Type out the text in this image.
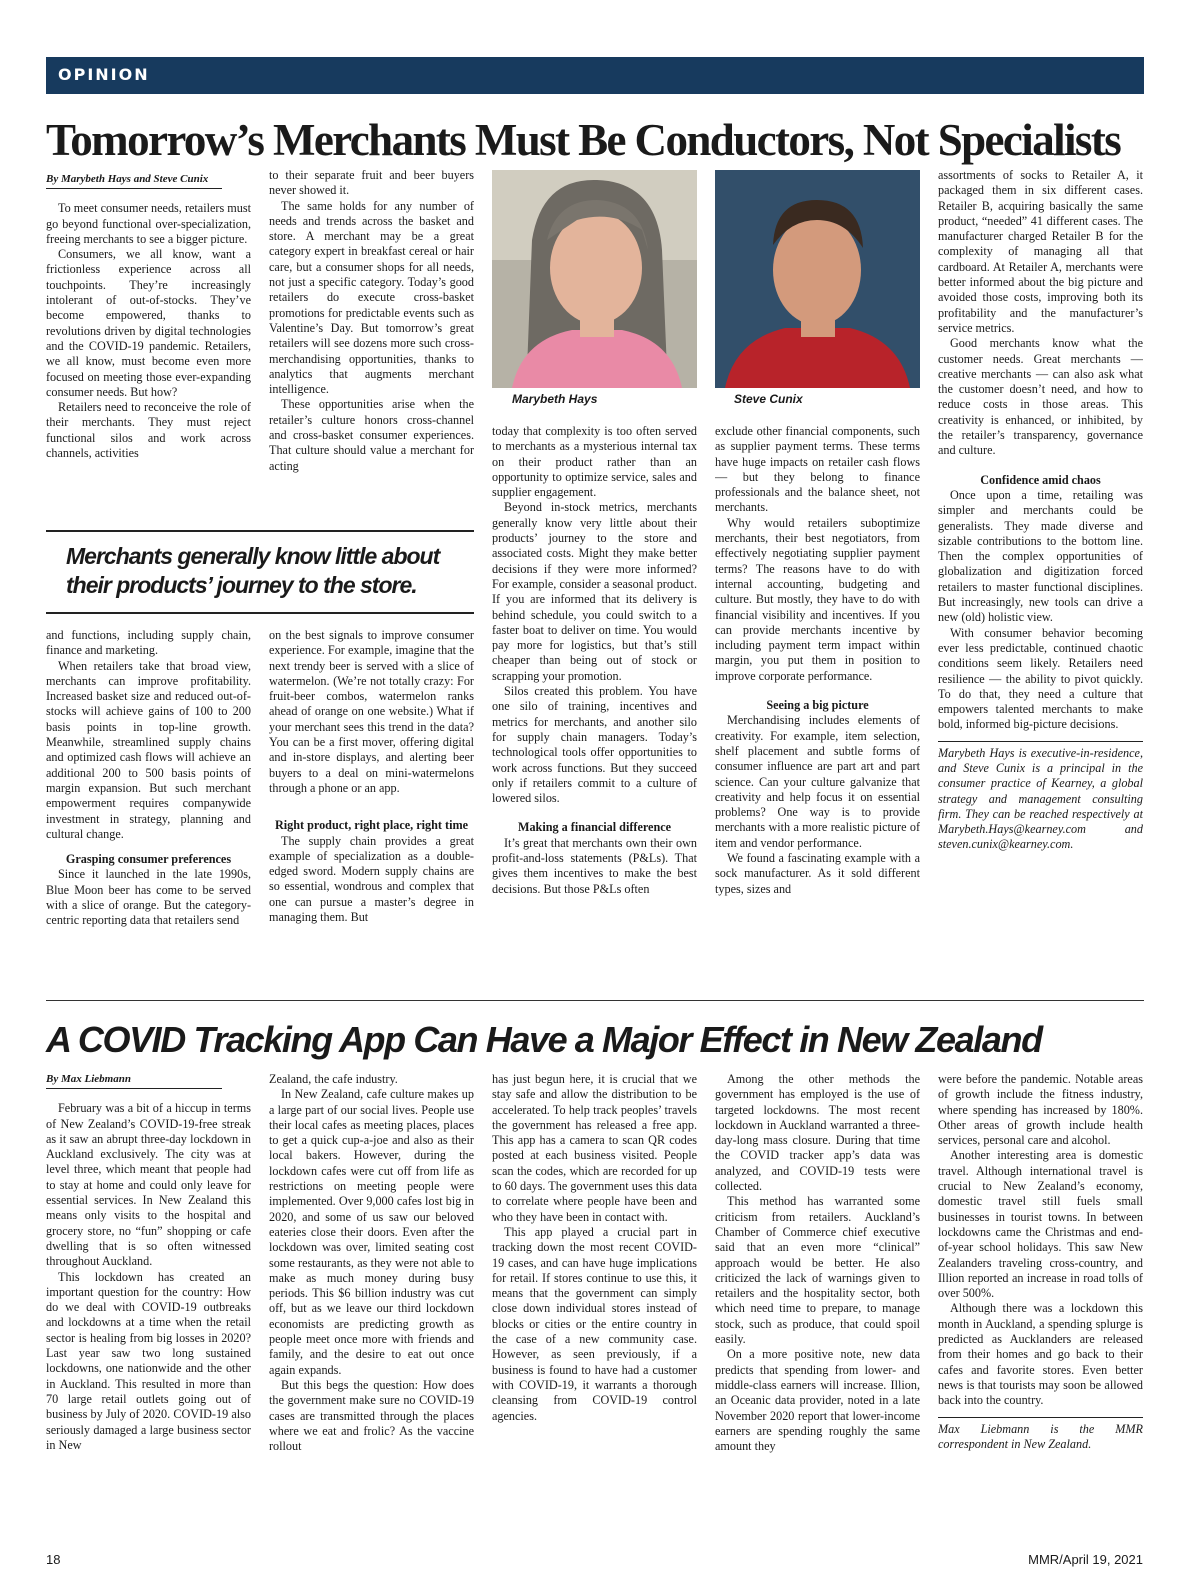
OPINION
Tomorrow’s Merchants Must Be Conductors, Not Specialists

By Marybeth Hays and Steve Cunix

To meet consumer needs, retailers must go beyond functional over-specialization, freeing merchants to see a bigger picture.

Consumers, we all know, want a frictionless experience across all touchpoints. They’re increasingly intolerant of out-of-stocks. They’ve become empowered, thanks to revolutions driven by digital technologies and the COVID-19 pandemic. Retailers, we all know, must become even more focused on meeting those ever-expanding consumer needs. But how?

Retailers need to reconceive the role of their merchants. They must reject functional silos and work across channels, activities

to their separate fruit and beer buyers never showed it.

The same holds for any number of needs and trends across the basket and store. A merchant may be a great category expert in breakfast cereal or hair care, but a consumer shops for all needs, not just a specific category. Today’s good retailers do execute cross-basket promotions for predictable events such as Valentine’s Day. But tomorrow’s great retailers will see dozens more such cross-merchandising opportunities, thanks to analytics that augments merchant intelligence.

These opportunities arise when the retailer’s culture honors cross-channel and cross-basket consumer experiences. That culture should value a merchant for acting

Merchants generally know little about their products’ journey to the store.

and functions, including supply chain, finance and marketing.

When retailers take that broad view, merchants can improve profitability. Increased basket size and reduced out-of-stocks will achieve gains of 100 to 200 basis points in top-line growth. Meanwhile, streamlined supply chains and optimized cash flows will achieve an additional 200 to 500 basis points of margin expansion. But such merchant empowerment requires companywide investment in strategy, planning and cultural change.

Grasping consumer preferences

Since it launched in the late 1990s, Blue Moon beer has come to be served with a slice of orange. But the category-centric reporting data that retailers send

on the best signals to improve consumer experience. For example, imagine that the next trendy beer is served with a slice of watermelon. (We’re not totally crazy: For fruit-beer combos, watermelon ranks ahead of orange on one website.) What if your merchant sees this trend in the data? You can be a first mover, offering digital and in-store displays, and alerting beer buyers to a deal on mini-watermelons through a phone or an app.

Right product, right place, right time

The supply chain provides a great example of specialization as a double-edged sword. Modern supply chains are so essential, wondrous and complex that one can pursue a master’s degree in managing them. But

Marybeth Hays	Steve Cunix

today that complexity is too often served to merchants as a mysterious internal tax on their product rather than an opportunity to optimize service, sales and supplier engagement.

Beyond in-stock metrics, merchants generally know very little about their products’ journey to the store and associated costs. Might they make better decisions if they were more informed? For example, consider a seasonal product. If you are informed that its delivery is behind schedule, you could switch to a faster boat to deliver on time. You would pay more for logistics, but that’s still cheaper than being out of stock or scrapping your promotion.

Silos created this problem. You have one silo of training, incentives and metrics for merchants, and another silo for supply chain managers. Today’s technological tools offer opportunities to work across functions. But they succeed only if retailers commit to a culture of lowered silos.

Making a financial difference

It’s great that merchants own their own profit-and-loss statements (P&Ls). That gives them incentives to make the best decisions. But those P&Ls often

exclude other financial components, such as supplier payment terms. These terms have huge impacts on retailer cash flows — but they belong to finance professionals and the balance sheet, not merchants.

Why would retailers suboptimize merchants, their best negotiators, from effectively negotiating supplier payment terms? The reasons have to do with internal accounting, budgeting and culture. But mostly, they have to do with financial visibility and incentives. If you can provide merchants incentive by including payment term impact within margin, you put them in position to improve corporate performance.

Seeing a big picture

Merchandising includes elements of creativity. For example, item selection, shelf placement and subtle forms of consumer influence are part art and part science. Can your culture galvanize that creativity and help focus it on essential problems? One way is to provide merchants with a more realistic picture of item and vendor performance.

We found a fascinating example with a sock manufacturer. As it sold different types, sizes and

assortments of socks to Retailer A, it packaged them in six different cases. Retailer B, acquiring basically the same product, “needed” 41 different cases. The manufacturer charged Retailer B for the complexity of managing all that cardboard. At Retailer A, merchants were better informed about the big picture and avoided those costs, improving both its profitability and the manufacturer’s service metrics.

Good merchants know what the customer needs. Great merchants — creative merchants — can also ask what the customer doesn’t need, and how to reduce costs in those areas. This creativity is enhanced, or inhibited, by the retailer’s transparency, governance and culture.

Confidence amid chaos

Once upon a time, retailing was simpler and merchants could be generalists. They made diverse and sizable contributions to the bottom line. Then the complex opportunities of globalization and digitization forced retailers to master functional disciplines. But increasingly, new tools can drive a new (old) holistic view.

With consumer behavior becoming ever less predictable, continued chaotic conditions seem likely. Retailers need resilience — the ability to pivot quickly. To do that, they need a culture that empowers talented merchants to make bold, informed big-picture decisions.

Marybeth Hays is executive-in-residence, and Steve Cunix is a principal in the consumer practice of Kearney, a global strategy and management consulting firm. They can be reached respectively at Marybeth.Hays@kearney.com and steven.cunix@kearney.com.

A COVID Tracking App Can Have a Major Effect in New Zealand

By Max Liebmann

February was a bit of a hiccup in terms of New Zealand’s COVID-19-free streak as it saw an abrupt three-day lockdown in Auckland exclusively. The city was at level three, which meant that people had to stay at home and could only leave for essential services. In New Zealand this means only visits to the hospital and grocery store, no “fun” shopping or cafe dwelling that is so often witnessed throughout Auckland.

This lockdown has created an important question for the country: How do we deal with COVID-19 outbreaks and lockdowns at a time when the retail sector is healing from big losses in 2020? Last year saw two long sustained lockdowns, one nationwide and the other in Auckland. This resulted in more than 70 large retail outlets going out of business by July of 2020. COVID-19 also seriously damaged a large business sector in New

Zealand, the cafe industry.

In New Zealand, cafe culture makes up a large part of our social lives. People use their local cafes as meeting places, places to get a quick cup-a-joe and also as their local bakers. However, during the lockdown cafes were cut off from life as restrictions on meeting people were implemented. Over 9,000 cafes lost big in 2020, and some of us saw our beloved eateries close their doors. Even after the lockdown was over, limited seating cost some restaurants, as they were not able to make as much money during busy periods. This $6 billion industry was cut off, but as we leave our third lockdown economists are predicting growth as people meet once more with friends and family, and the desire to eat out once again expands.

But this begs the question: How does the government make sure no COVID-19 cases are transmitted through the places where we eat and frolic? As the vaccine rollout

has just begun here, it is crucial that we stay safe and allow the distribution to be accelerated. To help track peoples’ travels the government has released a free app. This app has a camera to scan QR codes posted at each business visited. People scan the codes, which are recorded for up to 60 days. The government uses this data to correlate where people have been and who they have been in contact with.

This app played a crucial part in tracking down the most recent COVID-19 cases, and can have huge implications for retail. If stores continue to use this, it means that the government can simply close down individual stores instead of blocks or cities or the entire country in the case of a new community case. However, as seen previously, if a business is found to have had a customer with COVID-19, it warrants a thorough cleansing from COVID-19 control agencies.

Among the other methods the government has employed is the use of targeted lockdowns. The most recent lockdown in Auckland warranted a three-day-long mass closure. During that time the COVID tracker app’s data was analyzed, and COVID-19 tests were collected.

This method has warranted some criticism from retailers. Auckland’s Chamber of Commerce chief executive said that an even more “clinical” approach would be better. He also criticized the lack of warnings given to retailers and the hospitality sector, both which need time to prepare, to manage stock, such as produce, that could spoil easily.

On a more positive note, new data predicts that spending from lower- and middle-class earners will increase. Illion, an Oceanic data provider, noted in a late November 2020 report that lower-income earners are spending roughly the same amount they

were before the pandemic. Notable areas of growth include the fitness industry, where spending has increased by 180%. Other areas of growth include health services, personal care and alcohol.

Another interesting area is domestic travel. Although international travel is crucial to New Zealand’s economy, domestic travel still fuels small businesses in tourist towns. In between lockdowns came the Christmas and end-of-year school holidays. This saw New Zealanders traveling cross-country, and Illion reported an increase in road tolls of over 500%.

Although there was a lockdown this month in Auckland, a spending splurge is predicted as Aucklanders are released from their homes and go back to their cafes and favorite stores. Even better news is that tourists may soon be allowed back into the country.

Max Liebmann is the MMR correspondent in New Zealand.

18	MMR/April 19, 2021
